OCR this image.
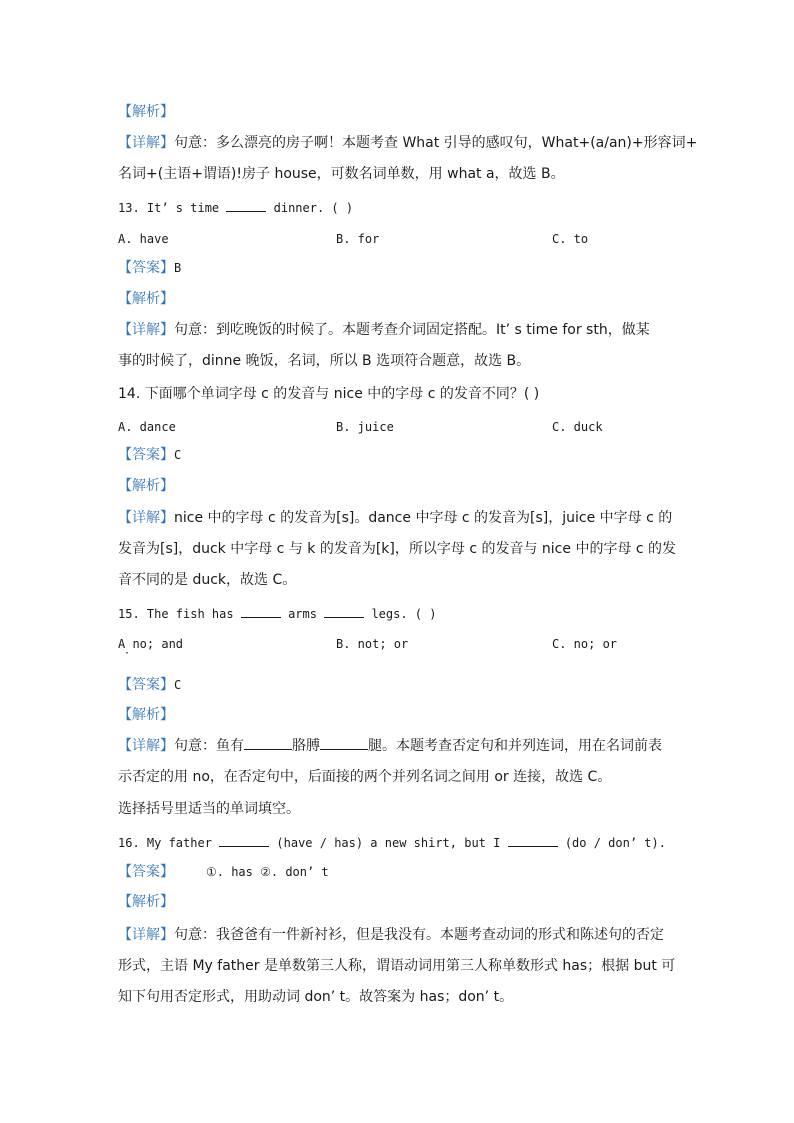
【解析】
【详解】句意：多么漂亮的房子啊！本题考查 What 引导的感叹句，What+(a/an)+形容词+
名词+(主语+谓语)!房子 house，可数名词单数，用 what a，故选 B。
13. It’ s time	dinner. ( )
A. have	B. for	C. to
【答案】B
【解析】
【详解】句意：到吃晚饭的时候了。本题考查介词固定搭配。It’ s time for sth，做某
事的时候了，dinne 晚饭，名词，所以 B 选项符合题意，故选 B。
14. 下面哪个单词字母 c 的发音与 nice 中的字母 c 的发音不同？( )
A. dance	B. juice	C. duck
【答案】C
【解析】
【详解】nice 中的字母 c 的发音为[s]。dance 中字母 c 的发音为[s]，juice 中字母 c 的
发音为[s]，duck 中字母 c 与 k 的发音为[k]，所以字母 c 的发音与 nice 中的字母 c 的发
音不同的是 duck，故选 C。
15. The fish has	arms	legs. ( )
A no; and
·
B. not; or	C. no; or
【答案】C
【解析】
【详解】句意：鱼有	胳膊	腿。本题考查否定句和并列连词，用在名词前表
示否定的用 no，在否定句中，后面接的两个并列名词之间用 or 连接，故选 C。
选择括号里适当的单词填空。
16. My father	(have / has) a new shirt, but I	(do / don’ t).
【答案】	①. has ②. don’ t
【解析】
【详解】句意：我爸爸有一件新衬衫，但是我没有。本题考查动词的形式和陈述句的否定
形式，主语 My father 是单数第三人称，谓语动词用第三人称单数形式 has；根据 but 可
知下句用否定形式，用助动词 don’ t。故答案为 has；don’ t。
